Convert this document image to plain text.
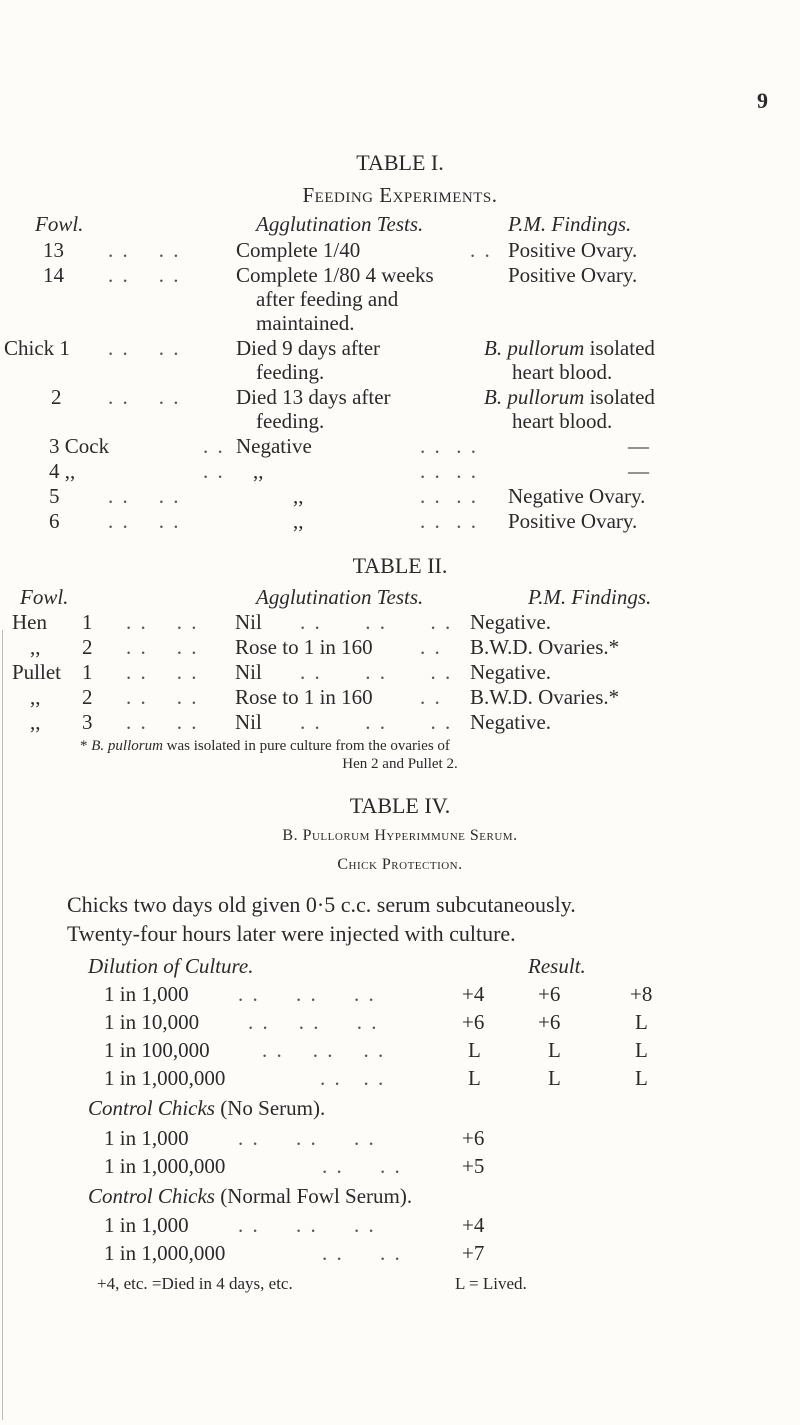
9
TABLE I.
Feeding Experiments.
Fowl.	Agglutination Tests.	P.M. Findings.
13 . .    . .	Complete 1/40	. . Positive Ovary.
14 . .    . .	Complete 1/80 4 weeks	Positive Ovary.
after feeding and
maintained.
Chick 1 . .    . .	Died 9 days after	B. pullorum isolated
feeding.	heart blood.
2 . .    . .	Died 13 days after	B. pullorum isolated
feeding.	heart blood.
3 Cock	. . Negative	. .  . .	—
4 ,,	. . ,,	. .  . .	—
5 . .    . .	,,	. .  . . Negative Ovary.
6 . .    . .	,,	. .  . . Positive Ovary.
TABLE II.
Fowl.	Agglutination Tests.	P.M. Findings.
Hen 1 . .    . . Nil . .      . .      . . Negative.
,, 2 . .    . . Rose to 1 in 160 . . B.W.D. Ovaries.*
Pullet 1 . .    . . Nil . .      . .      . . Negative.
,, 2 . .    . . Rose to 1 in 160 . . B.W.D. Ovaries.*
,, 3 . .    . . Nil . .      . .      . . Negative.
* B. pullorum was isolated in pure culture from the ovaries of
Hen 2 and Pullet 2.
TABLE IV.
B. Pullorum Hyperimmune Serum.
Chick Protection.
Chicks two days old given 0·5 c.c. serum subcutaneously.
Twenty-four hours later were injected with culture.
Dilution of Culture.	Result.
1 in 1,000 . .     . .     . .	+4	+6	+8
1 in 10,000 . .    . .     . .	+6	+6	L
1 in 100,000 . .    . .    . .	L	L	L
1 in 1,000,000	. .   . .	L	L	L
Control Chicks (No Serum).
1 in 1,000 . .     . .     . .	+6
1 in 1,000,000	. .     . .	+5
Control Chicks (Normal Fowl Serum).
1 in 1,000 . .     . .     . .	+4
1 in 1,000,000	. .     . .	+7
+4, etc. =Died in 4 days, etc.	L = Lived.
